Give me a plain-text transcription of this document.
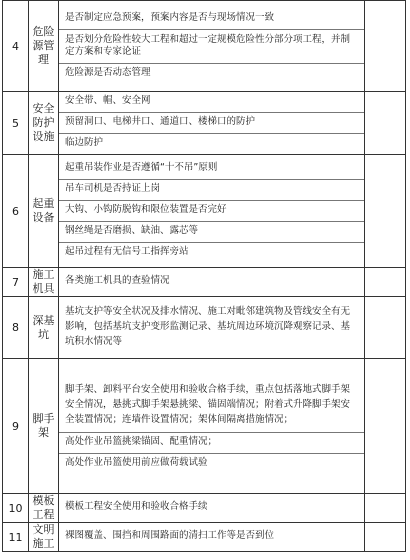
4	危险源管理	是否制定应急预案，预案内容是否与现场情况一致
是否划分危险性较大工程和超过一定规模危险性分部分项工程，并制定方案和专家论证
危险源是否动态管理	

5	安全防护设施	安全带、帽、安全网
预留洞口、电梯井口、通道口、楼梯口的防护
临边防护	

6	起重设备	起重吊装作业是否遵循“十不吊”原则
吊车司机是否持证上岗
大钩、小钩防脱钩和限位装置是否完好
钢丝绳是否磨损、缺油、露芯等
起吊过程有无信号工指挥旁站	

7	施工机具	各类施工机具的查验情况	

8	深基坑	基坑支护等安全状况及排水情况、施工对毗邻建筑物及管线安全有无影响，包括基坑支护变形监测记录、基坑周边环境沉降观察记录、基坑积水情况等	

9	脚手架	脚手架、卸料平台安全使用和验收合格手续，重点包括落地式脚手架安全情况，悬挑式脚手架悬挑梁、锚固端情况；附着式升降脚手架安全装置情况；连墙件设置情况；架体间隔离措施情况；
高处作业吊篮挑梁锚固、配重情况；
高处作业吊篮使用前应做荷载试验	

10	模板工程	模板工程安全使用和验收合格手续	

11	文明施工	裸图覆盖、围挡和周围路面的清扫工作等是否到位	
